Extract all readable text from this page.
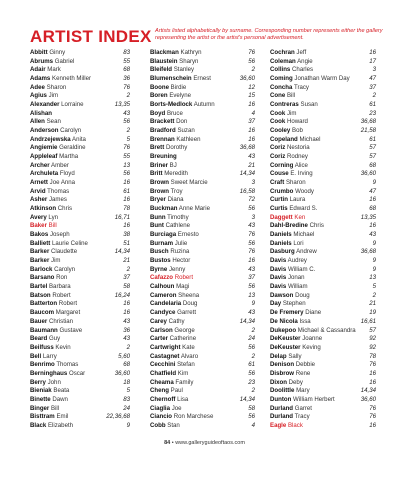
ARTIST INDEX Artists listed alphabetically by surname. Corresponding number represents either the gallery representing the artist or the artist's personal advertisement.
Abbitt Ginny	83
Abrums Gabriel	55
Adair Mark	68
Adams Kenneth Miller	36
Adee Sharon	76
Agius Jim	2
Alexander Lorraine	13,35
Alishan	43
Allen Sean	56
Anderson Carolyn	2
Andrzejewska Anita	5
Angiemie Geraldine	76
Appleleaf Martha	55
Archer Amber	13
Archuleta Floyd	56
Arnett Joe Anna	16
Arvid Thomas	61
Asher James	16
Atkinson Chris	78
Avery Lyn	16,71
Baker Bill	16
Bakos Joseph	38
Balliett Laurie Celine	51
Barker Claudette	14,34
Barker Jim	21
Barlock Carolyn	2
Barsano Ron	37
Bartel Barbara	58
Batson Robert	16,24
Batterton Robert	16
Baucom Margaret	16
Bauer Christian	43
Baumann Gustave	36
Beard Guy	43
Beilfuss Kevin	2
Bell Larry	5,60
Benrimo Thomas	68
Berninghaus Oscar	36,60
Berry John	18
Bieniak Beata	5
Binette Dawn	83
Binger Bill	24
Bisttram Emil	22,36,68
Black Elizabeth	9
Blackman Kathryn	76
Blaustein Sharyn	56
Bleifeld Stanley	2
Blumenschein Ernest	36,60
Boone Birdie	12
Boren Evelyne	15
Borts-Medlock Autumn	16
Boyd Bruce	4
Brackett Don	37
Bradford Suzan	16
Brennan Kathleen	16
Brett Dorothy	36,68
Breuning	43
Briner BJ	21
Britt Meredith	14,34
Brown Sweet Marcie	3
Brown Troy	16,58
Bryer Diana	72
Buckman Anne Marie	56
Bunn Timothy	3
Bunt Cathlene	43
Burciaga Ernesto	76
Burnam Julie	56
Busch Ruzina	76
Bustos Hector	16
Byrne Jenny	43
Cafazzo Robert	37
Calhoun Magi	56
Cameron Sheena	13
Candelaria Doug	9
Candyce Garrett	43
Carey Cathy	14,34
Carlson George	2
Carter Catherine	24
Cartwright Kate	56
Castagnet Alvaro	2
Cecchini Stefan	61
Chatfield Kim	56
Cheama Family	23
Cheng Paul	2
Chernoff Lisa	14,34
Ciaglia Joe	58
Ciancio Ron Marchese	56
Cobb Stan	4
Cochran Jeff	16
Coleman Angie	17
Collins Charles	3
Coming Jonathan Warm Day	47
Concha Tracy	37
Cone Bill	2
Contreras Susan	61
Cook Jim	23
Cook Howard	36,68
Cooley Bob	21,58
Copeland Michael	61
Coriz Nestoria	57
Coriz Rodney	57
Corning Alice	68
Couse E. Irving	36,60
Craft Sharon	9
Crumbo Woody	47
Curtin Laura	16
Curtis Edward S.	68
Daggett Ken	13,35
Dahl-Bredine Chris	16
Daniels Michael	43
Daniels Lori	9
Dasburg Andrew	36,68
Davis Audrey	9
Davis William C.	9
Davis Jonan	13
Davis William	5
Dawson Doug	2
Day Stephen	21
De Fremery Diane	19
De Nicola Issa	16,61
Dukepoo Michael & Cassandra 57
DeKeuster Joanne	92
DeKeuster Keving	92
Delap Sally	78
Denison Debbie	76
Disbrow Rene	16
Dixon Deby	16
Doolittle Mary	14,34
Dunton William Herbert	36,60
Durland Garret	76
Durland Tracy	76
Eagle Black	16
84 • www.galleryguideoftaos.com
